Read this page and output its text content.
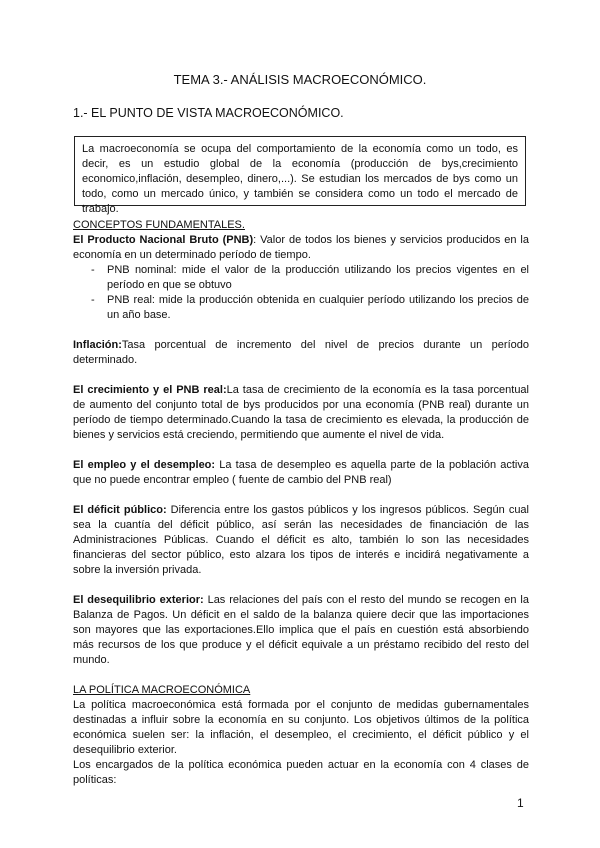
TEMA 3.- ANÁLISIS MACROECONÓMICO.
1.- EL PUNTO DE VISTA MACROECONÓMICO.

La macroeconomía se ocupa del comportamiento de la economía como un todo, es decir, es un estudio global de la economía (producción de bys,crecimiento economico,inflación, desempleo, dinero,...). Se estudian los mercados de bys como un todo, como un mercado único, y también se considera como un todo el mercado de trabajo.

CONCEPTOS FUNDAMENTALES.

El Producto Nacional Bruto (PNB): Valor de todos los bienes y servicios producidos en la economía en un determinado período de tiempo.

- PNB nominal: mide el valor de la producción utilizando los precios vigentes en el período en que se obtuvo
- PNB real: mide la producción obtenida en cualquier período utilizando los precios de un año base.

Inflación:Tasa porcentual de incremento del nivel de precios durante un período determinado.

El crecimiento y el PNB real:La tasa de crecimiento de la economía es la tasa porcentual de aumento del conjunto total de bys producidos por una economía (PNB real) durante un período de tiempo determinado.Cuando la tasa de crecimiento es elevada, la producción de bienes y servicios está creciendo, permitiendo que aumente el nivel de vida.

El empleo y el desempleo: La tasa de desempleo es aquella parte de la población activa que no puede encontrar empleo ( fuente de cambio del PNB real)

El déficit público: Diferencia entre los gastos públicos y los ingresos públicos. Según cual sea la cuantía del déficit público, así serán las necesidades de financiación de las Administraciones Públicas. Cuando el déficit es alto, también lo son las necesidades financieras del sector público, esto alzara los tipos de interés e incidirá negativamente a sobre la inversión privada.

El desequilibrio exterior: Las relaciones del país con el resto del mundo se recogen en la Balanza de Pagos. Un déficit en el saldo de la balanza quiere decir que las importaciones son mayores que las exportaciones.Ello implica que el país en cuestión está absorbiendo más recursos de los que produce y el déficit equivale a un préstamo recibido del resto del mundo.

LA POLÍTICA MACROECONÓMICA

La política macroeconómica está formada por el conjunto de medidas gubernamentales destinadas a influir sobre la economía en su conjunto. Los objetivos últimos de la política económica suelen ser: la inflación, el desempleo, el crecimiento, el déficit público y el desequilibrio exterior.

Los encargados de la política económica pueden actuar en la economía con 4 clases de políticas:

1
